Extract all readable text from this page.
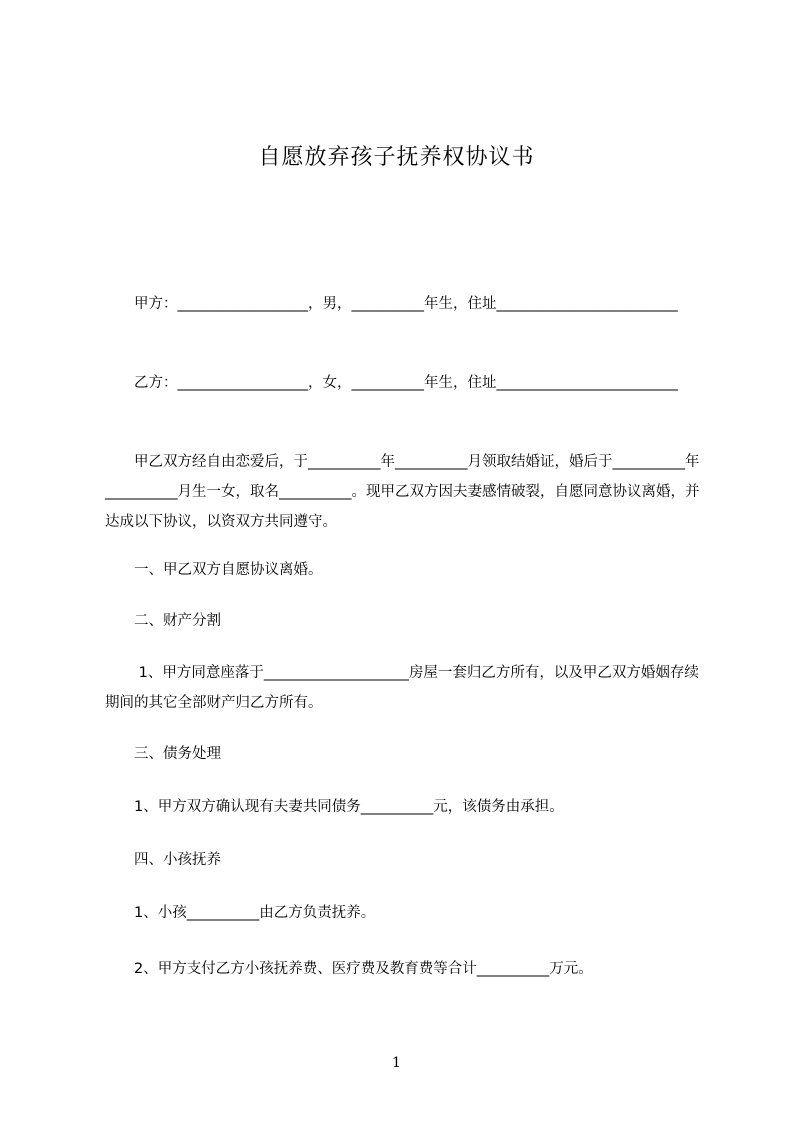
自愿放弃孩子抚养权协议书

　　甲方：__________________，男，__________年生，住址_________________________

　　乙方：__________________，女，__________年生，住址_________________________

　　甲乙双方经自由恋爱后，于__________年__________月领取结婚证，婚后于__________年__________月生一女，取名__________。现甲乙双方因夫妻感情破裂，自愿同意协议离婚，并达成以下协议，以资双方共同遵守。

　　一、甲乙双方自愿协议离婚。

　　二、财产分割

　　 1、甲方同意座落于____________________房屋一套归乙方所有，以及甲乙双方婚姻存续期间的其它全部财产归乙方所有。

　　三、债务处理

　　1、甲方双方确认现有夫妻共同债务__________元，该债务由承担。

　　四、小孩抚养

　　1、小孩__________由乙方负责抚养。

　　2、甲方支付乙方小孩抚养费、医疗费及教育费等合计__________万元。

1
